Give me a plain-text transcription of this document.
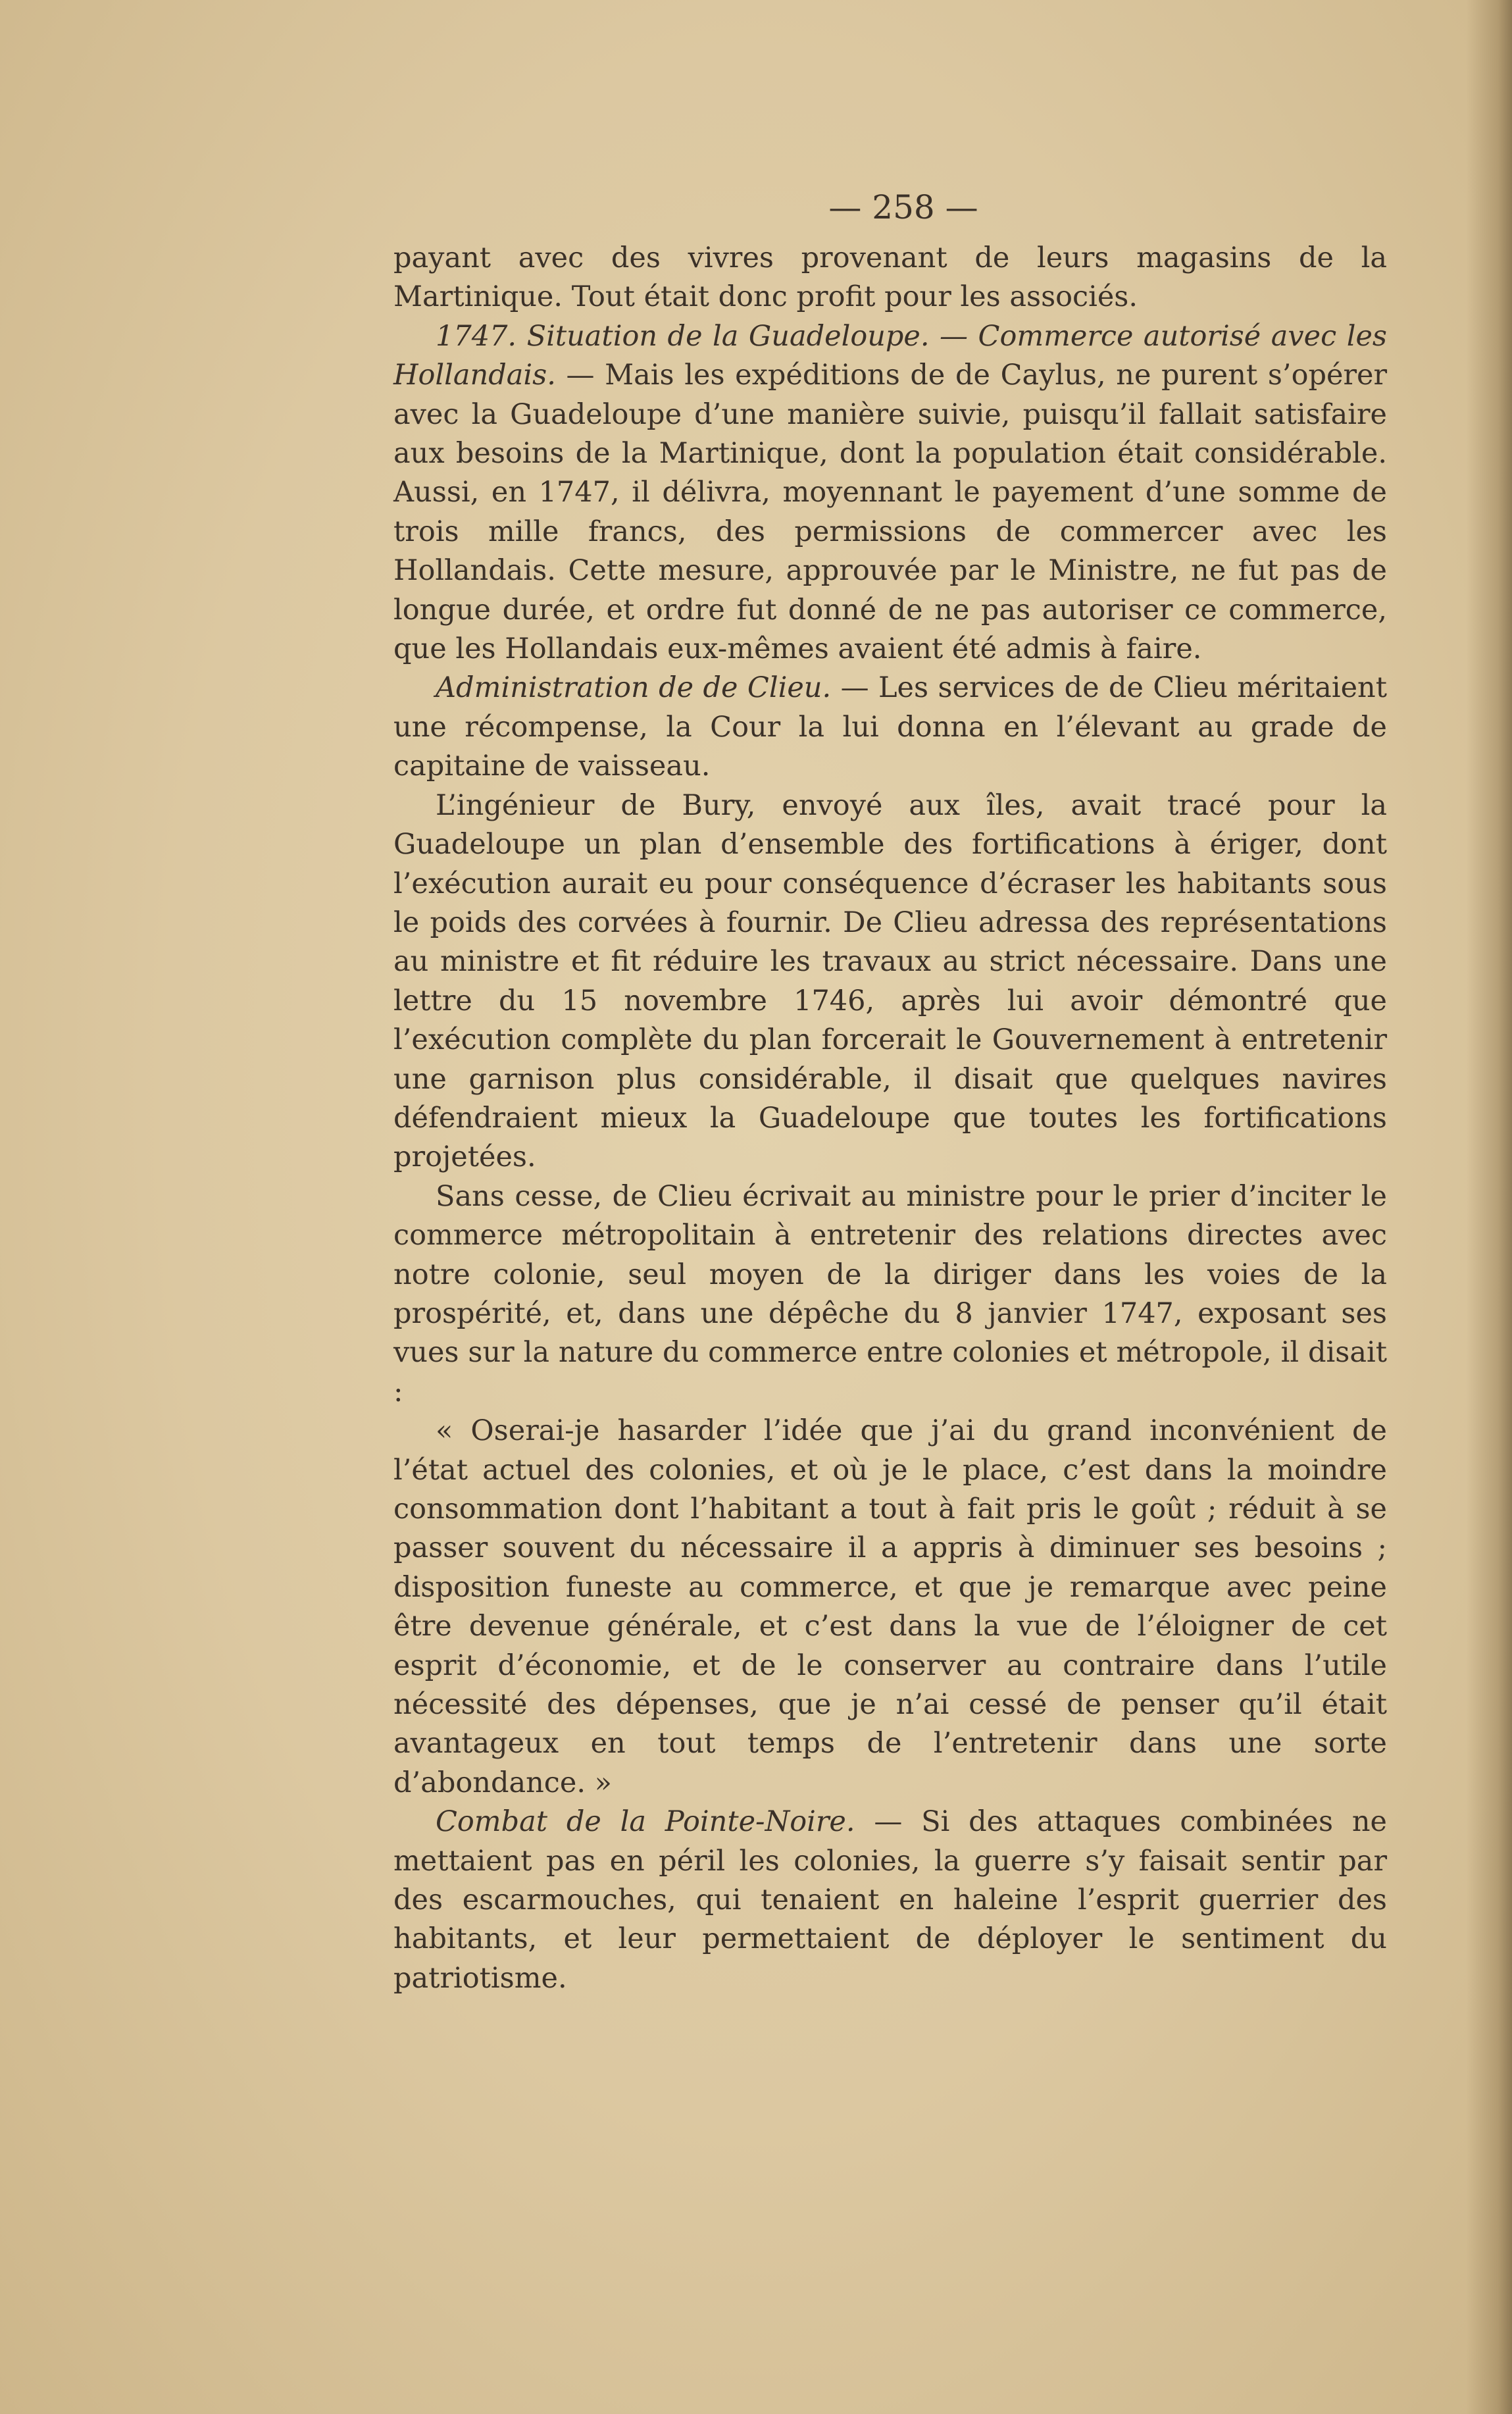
— 258 —

payant avec des vivres provenant de leurs magasins de la Martinique. Tout était donc profit pour les associés.

1747. Situation de la Guadeloupe. — Commerce autorisé avec les Hollandais. — Mais les expéditions de de Caylus, ne purent s’opérer avec la Guadeloupe d’une manière suivie, puisqu’il fallait satisfaire aux besoins de la Martinique, dont la population était considérable. Aussi, en 1747, il délivra, moyennant le payement d’une somme de trois mille francs, des permissions de commercer avec les Hollandais. Cette mesure, approuvée par le Ministre, ne fut pas de longue durée, et ordre fut donné de ne pas autoriser ce commerce, que les Hollandais eux-mêmes avaient été admis à faire.

Administration de de Clieu. — Les services de de Clieu méritaient une récompense, la Cour la lui donna en l’élevant au grade de capitaine de vaisseau.

L’ingénieur de Bury, envoyé aux îles, avait tracé pour la Guadeloupe un plan d’ensemble des fortifications à ériger, dont l’exécution aurait eu pour conséquence d’écraser les habitants sous le poids des corvées à fournir. De Clieu adressa des représentations au ministre et fit réduire les travaux au strict nécessaire. Dans une lettre du 15 novembre 1746, après lui avoir démontré que l’exécution complète du plan forcerait le Gouvernement à entretenir une garnison plus considérable, il disait que quelques navires défendraient mieux la Guadeloupe que toutes les fortifications projetées.

Sans cesse, de Clieu écrivait au ministre pour le prier d’inciter le commerce métropolitain à entretenir des relations directes avec notre colonie, seul moyen de la diriger dans les voies de la prospérité, et, dans une dépêche du 8 janvier 1747, exposant ses vues sur la nature du commerce entre colonies et métropole, il disait :

« Oserai-je hasarder l’idée que j’ai du grand inconvénient de l’état actuel des colonies, et où je le place, c’est dans la moindre consommation dont l’habitant a tout à fait pris le goût ; réduit à se passer souvent du nécessaire il a appris à diminuer ses besoins ; disposition funeste au commerce, et que je remarque avec peine être devenue générale, et c’est dans la vue de l’éloigner de cet esprit d’économie, et de le conserver au contraire dans l’utile nécessité des dépenses, que je n’ai cessé de penser qu’il était avantageux en tout temps de l’entretenir dans une sorte d’abondance. »

Combat de la Pointe-Noire. — Si des attaques combinées ne mettaient pas en péril les colonies, la guerre s’y faisait sentir par des escarmouches, qui tenaient en haleine l’esprit guerrier des habitants, et leur permettaient de déployer le sentiment du patriotisme.
